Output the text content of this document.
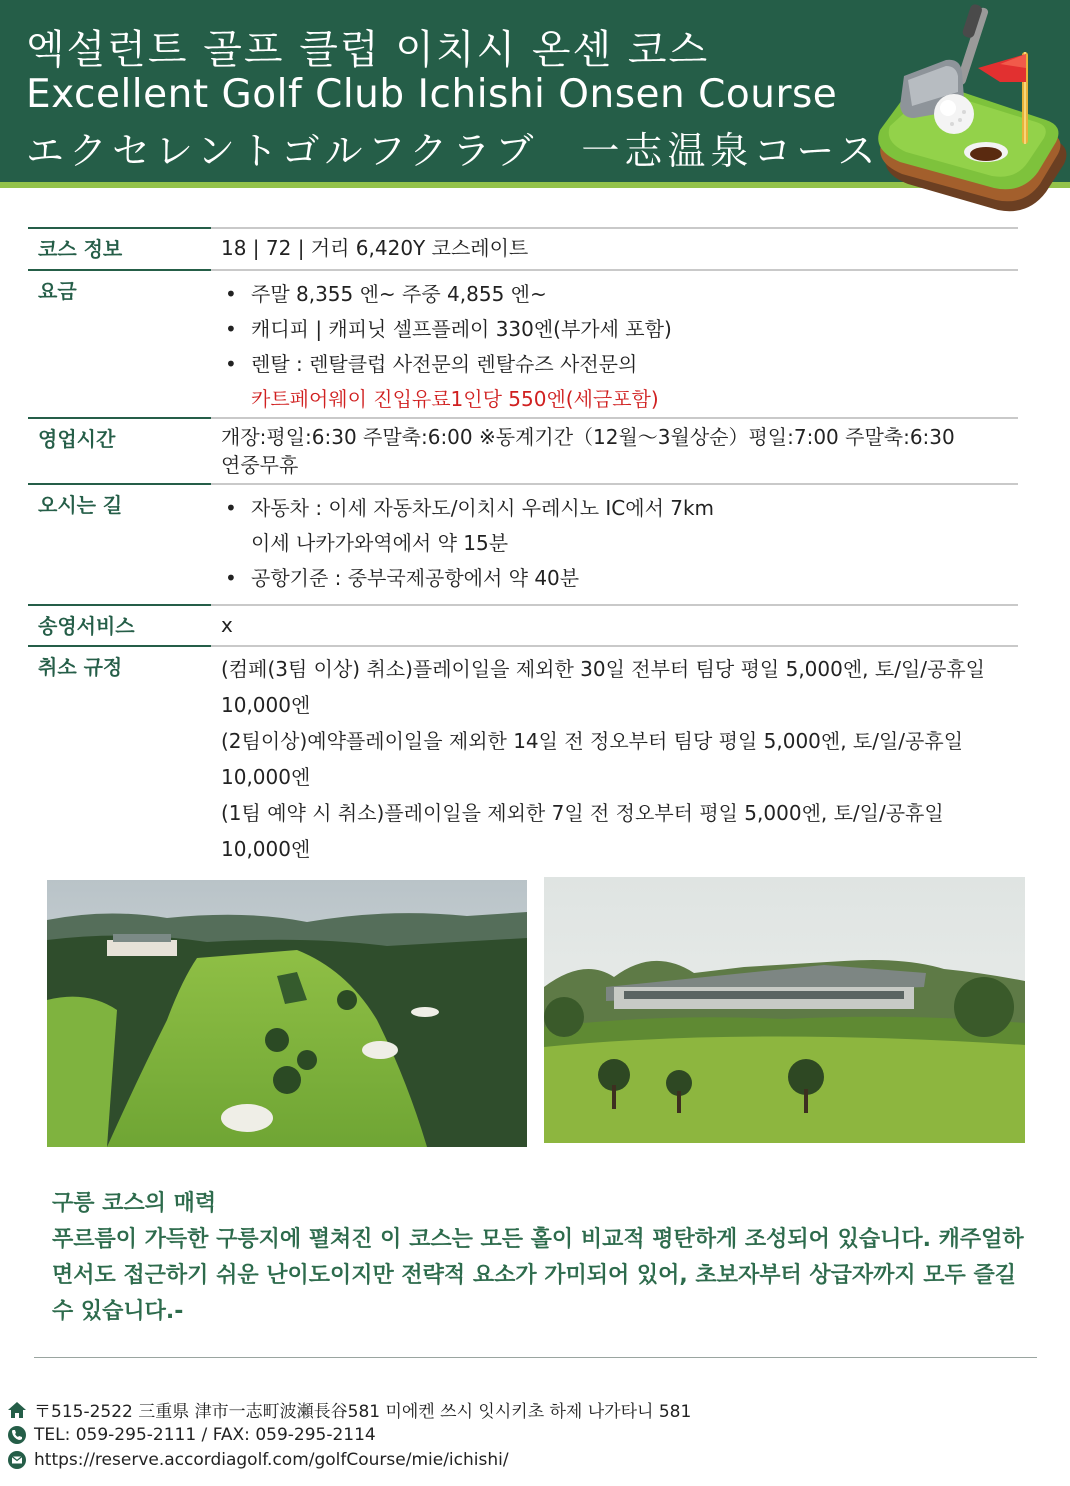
엑설런트 골프 클럽 이치시 온센 코스
Excellent Golf Club Ichishi Onsen Course
エクセレントゴルフクラブ　一志温泉コース
코스 정보	18 | 72 | 거리 6,420Y 코스레이트
요금	• 주말 8,355 엔~ 주중 4,855 엔~
• 캐디피 | 캐피닛 셀프플레이 330엔(부가세 포함)
• 렌탈 : 렌탈클럽 사전문의 렌탈슈즈 사전문의
카트페어웨이 진입유료1인당 550엔(세금포함)
영업시간	개장:평일:6:30 주말축:6:00 ※동계기간（12월～3월상순）평일:7:00 주말축:6:30 연중무휴
오시는 길	• 자동차 : 이세 자동차도/이치시 우레시노 IC에서 7km
이세 나카가와역에서 약 15분
• 공항기준 : 중부국제공항에서 약 40분
송영서비스	x
취소 규정	(컴페(3팀 이상) 취소)플레이일을 제외한 30일 전부터 팀당 평일 5,000엔, 토/일/공휴일10,000엔
(2팀이상)예약플레이일을 제외한 14일 전 정오부터 팀당 평일 5,000엔, 토/일/공휴일 10,000엔
(1팀 예약 시 취소)플레이일을 제외한 7일 전 정오부터 평일 5,000엔, 토/일/공휴일 10,000엔
구릉 코스의 매력
푸르름이 가득한 구릉지에 펼쳐진 이 코스는 모든 홀이 비교적 평탄하게 조성되어 있습니다. 캐주얼하면서도 접근하기 쉬운 난이도이지만 전략적 요소가 가미되어 있어, 초보자부터 상급자까지 모두 즐길 수 있습니다.-
〒515-2522 三重県 津市一志町波瀬長谷581 미에켄 쓰시 잇시키초 하제 나가타니 581
TEL: 059-295-2111 / FAX: 059-295-2114
https://reserve.accordiagolf.com/golfCourse/mie/ichishi/
